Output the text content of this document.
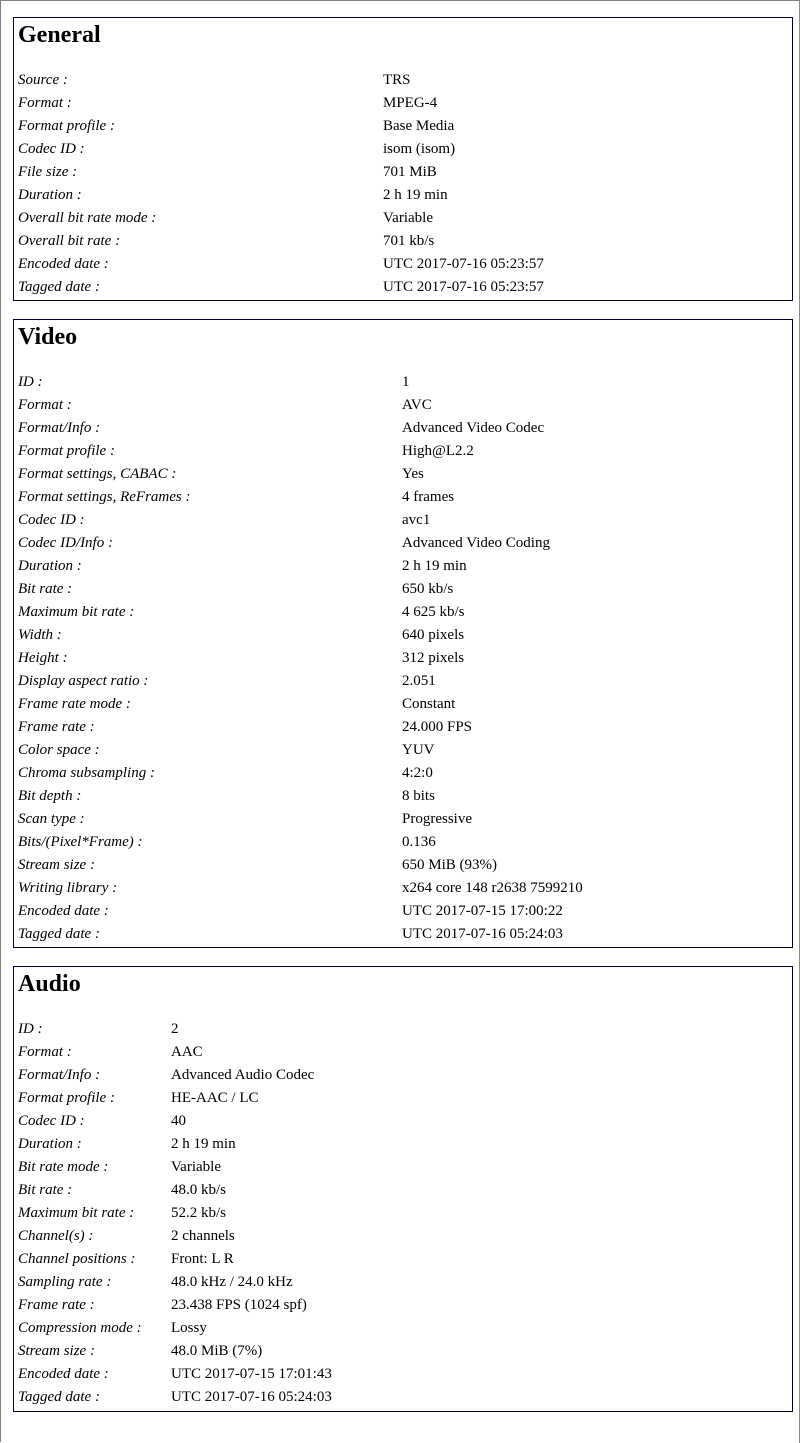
General
Source :	TRS
Format :	MPEG-4
Format profile :	Base Media
Codec ID :	isom (isom)
File size :	701 MiB
Duration :	2 h 19 min
Overall bit rate mode :	Variable
Overall bit rate :	701 kb/s
Encoded date :	UTC 2017-07-16 05:23:57
Tagged date :	UTC 2017-07-16 05:23:57
Video
ID :	1
Format :	AVC
Format/Info :	Advanced Video Codec
Format profile :	High@L2.2
Format settings, CABAC :	Yes
Format settings, ReFrames :	4 frames
Codec ID :	avc1
Codec ID/Info :	Advanced Video Coding
Duration :	2 h 19 min
Bit rate :	650 kb/s
Maximum bit rate :	4 625 kb/s
Width :	640 pixels
Height :	312 pixels
Display aspect ratio :	2.051
Frame rate mode :	Constant
Frame rate :	24.000 FPS
Color space :	YUV
Chroma subsampling :	4:2:0
Bit depth :	8 bits
Scan type :	Progressive
Bits/(Pixel*Frame) :	0.136
Stream size :	650 MiB (93%)
Writing library :	x264 core 148 r2638 7599210
Encoded date :	UTC 2017-07-15 17:00:22
Tagged date :	UTC 2017-07-16 05:24:03
Audio
ID :	2
Format :	AAC
Format/Info :	Advanced Audio Codec
Format profile :	HE-AAC / LC
Codec ID :	40
Duration :	2 h 19 min
Bit rate mode :	Variable
Bit rate :	48.0 kb/s
Maximum bit rate :	52.2 kb/s
Channel(s) :	2 channels
Channel positions :	Front: L R
Sampling rate :	48.0 kHz / 24.0 kHz
Frame rate :	23.438 FPS (1024 spf)
Compression mode :	Lossy
Stream size :	48.0 MiB (7%)
Encoded date :	UTC 2017-07-15 17:01:43
Tagged date :	UTC 2017-07-16 05:24:03
